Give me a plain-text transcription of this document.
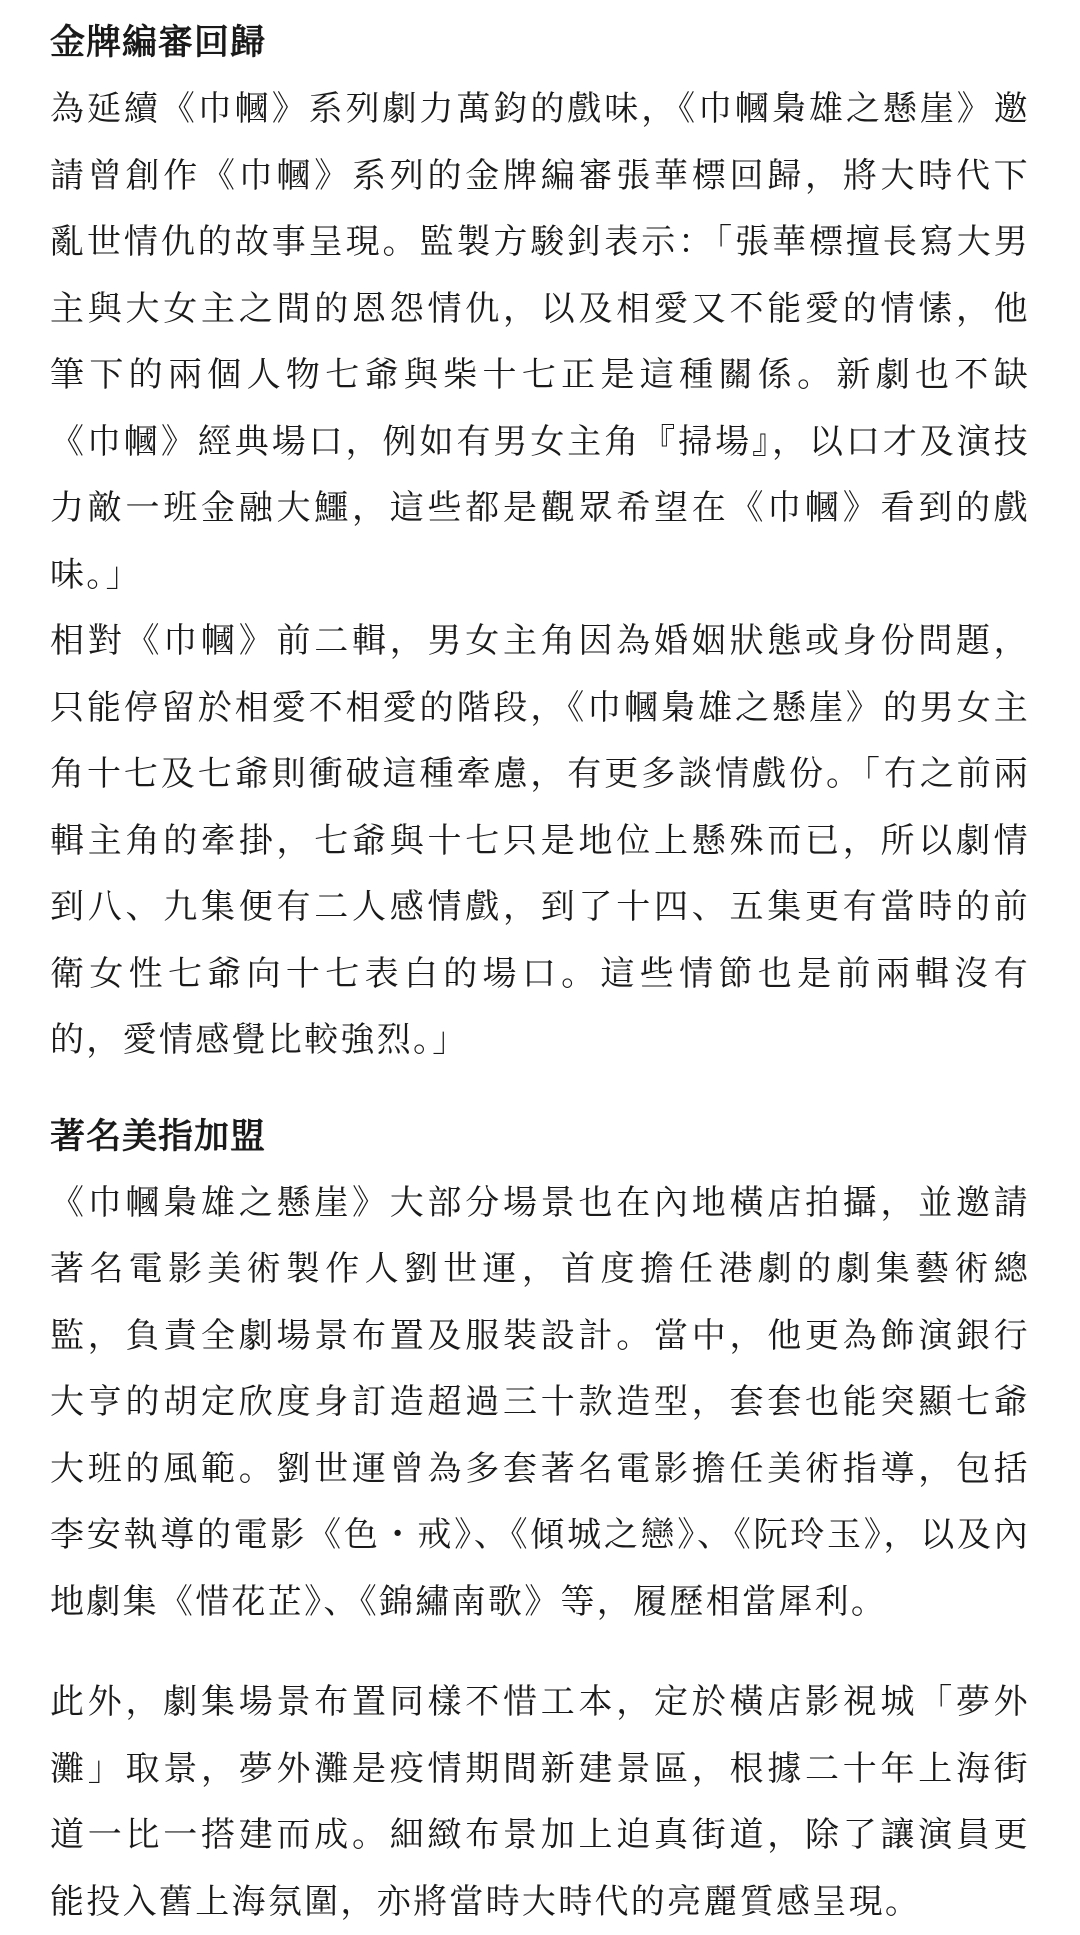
金牌編審回歸

為延續《巾幗》系列劇力萬鈞的戲味，《巾幗梟雄之懸崖》邀請曾創作《巾幗》系列的金牌編審張華標回歸，將大時代下亂世情仇的故事呈現。監製方駿釗表示：「張華標擅長寫大男主與大女主之間的恩怨情仇，以及相愛又不能愛的情愫，他筆下的兩個人物七爺與柴十七正是這種關係。新劇也不缺《巾幗》經典場口，例如有男女主角『掃場』，以口才及演技力敵一班金融大鱷，這些都是觀眾希望在《巾幗》看到的戲味。」

相對《巾幗》前二輯，男女主角因為婚姻狀態或身份問題，只能停留於相愛不相愛的階段，《巾幗梟雄之懸崖》的男女主角十七及七爺則衝破這種牽慮，有更多談情戲份。「冇之前兩輯主角的牽掛，七爺與十七只是地位上懸殊而已，所以劇情到八、九集便有二人感情戲，到了十四、五集更有當時的前衛女性七爺向十七表白的場口。這些情節也是前兩輯沒有的，愛情感覺比較強烈。」

著名美指加盟

《巾幗梟雄之懸崖》大部分場景也在內地橫店拍攝，並邀請著名電影美術製作人劉世運，首度擔任港劇的劇集藝術總監，負責全劇場景布置及服裝設計。當中，他更為飾演銀行大亨的胡定欣度身訂造超過三十款造型，套套也能突顯七爺大班的風範。劉世運曾為多套著名電影擔任美術指導，包括李安執導的電影《色・戒》、《傾城之戀》、《阮玲玉》，以及內地劇集《惜花芷》、《錦繡南歌》等，履歷相當犀利。

此外，劇集場景布置同樣不惜工本，定於橫店影視城「夢外灘」取景，夢外灘是疫情期間新建景區，根據二十年上海街道一比一搭建而成。細緻布景加上迫真街道，除了讓演員更能投入舊上海氛圍，亦將當時大時代的亮麗質感呈現。
